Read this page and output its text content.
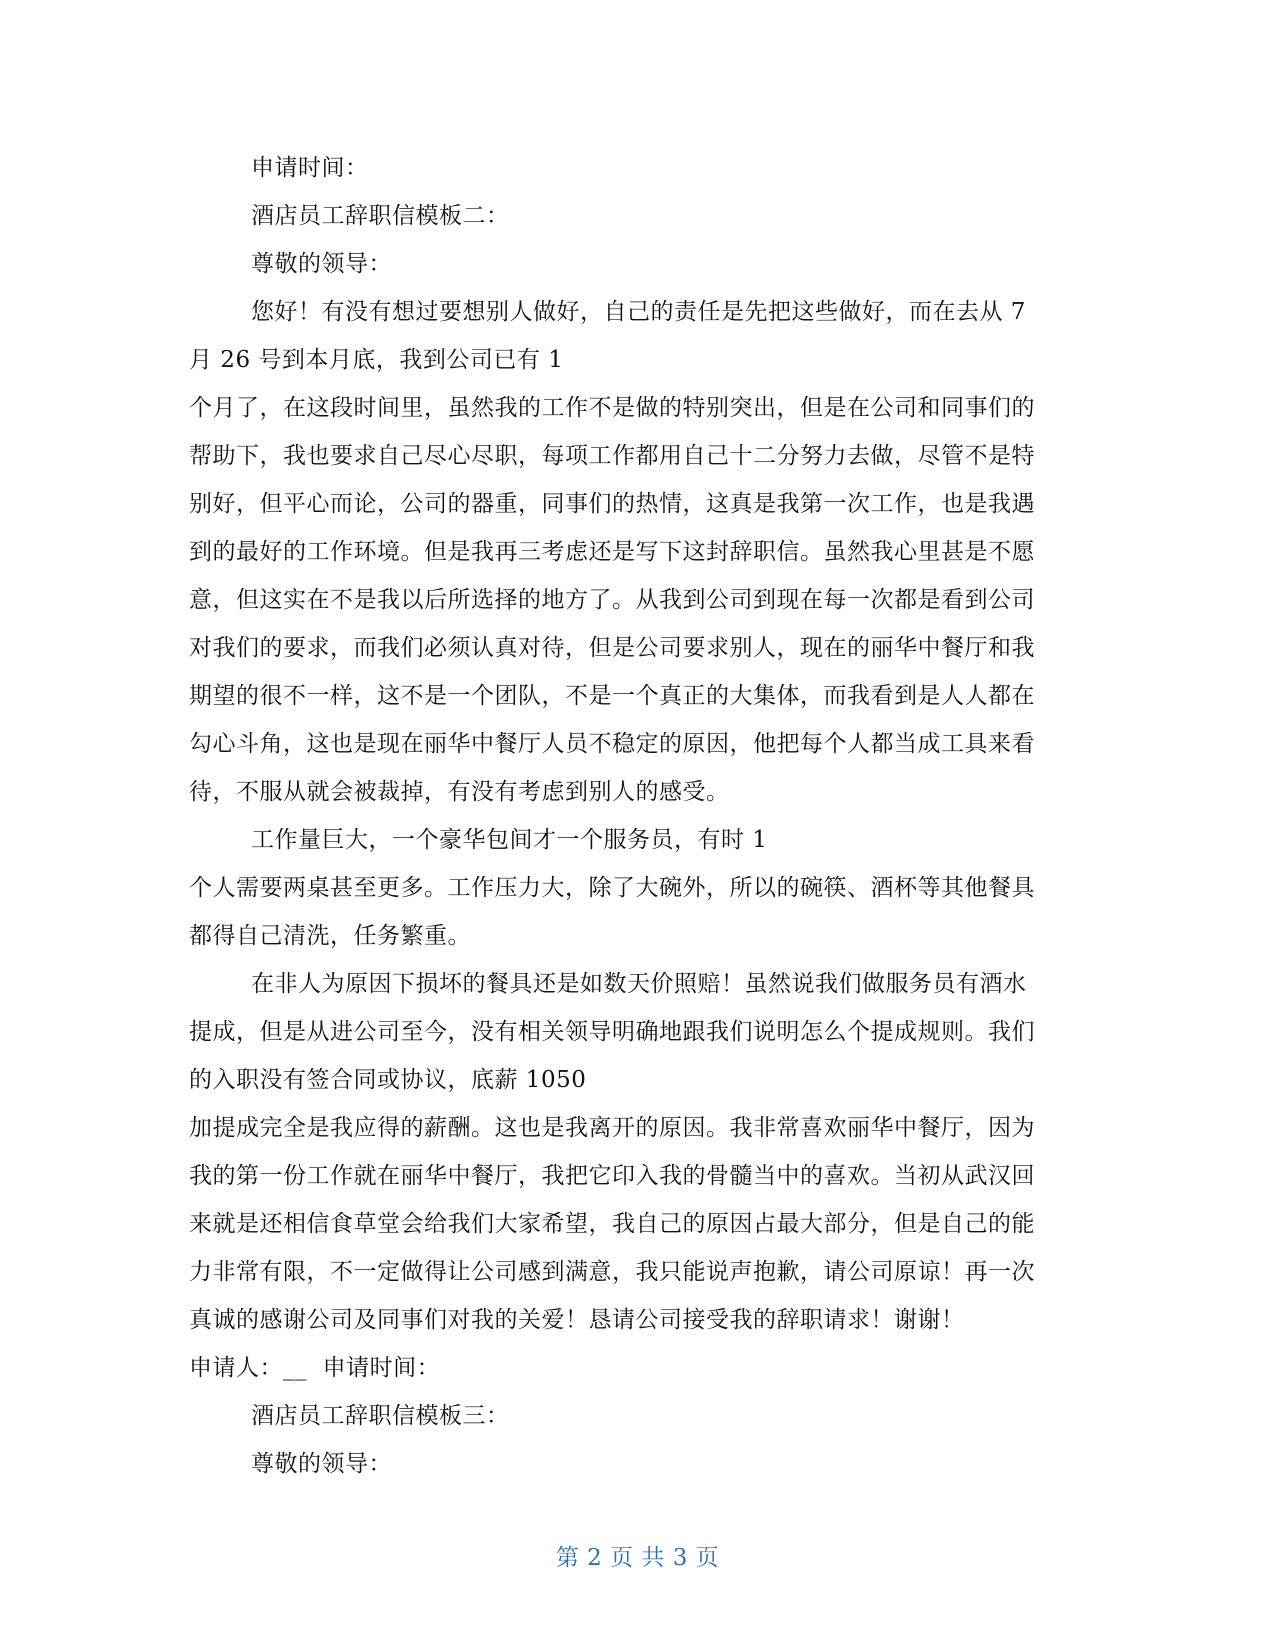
申请时间：
酒店员工辞职信模板二：
尊敬的领导：
您好！有没有想过要想别人做好，自己的责任是先把这些做好，而在去从 7
月 26 号到本月底，我到公司已有 1
个月了，在这段时间里，虽然我的工作不是做的特别突出，但是在公司和同事们的
帮助下，我也要求自己尽心尽职，每项工作都用自己十二分努力去做，尽管不是特
别好，但平心而论，公司的器重，同事们的热情，这真是我第一次工作，也是我遇
到的最好的工作环境。但是我再三考虑还是写下这封辞职信。虽然我心里甚是不愿
意，但这实在不是我以后所选择的地方了。从我到公司到现在每一次都是看到公司
对我们的要求，而我们必须认真对待，但是公司要求别人，现在的丽华中餐厅和我
期望的很不一样，这不是一个团队，不是一个真正的大集体，而我看到是人人都在
勾心斗角，这也是现在丽华中餐厅人员不稳定的原因，他把每个人都当成工具来看
待，不服从就会被裁掉，有没有考虑到别人的感受。
工作量巨大，一个豪华包间才一个服务员，有时 1
个人需要两桌甚至更多。工作压力大，除了大碗外，所以的碗筷、酒杯等其他餐具
都得自己清洗，任务繁重。
在非人为原因下损坏的餐具还是如数天价照赔！虽然说我们做服务员有酒水
提成，但是从进公司至今，没有相关领导明确地跟我们说明怎么个提成规则。我们
的入职没有签合同或协议，底薪 1050
加提成完全是我应得的薪酬。这也是我离开的原因。我非常喜欢丽华中餐厅，因为
我的第一份工作就在丽华中餐厅，我把它印入我的骨髓当中的喜欢。当初从武汉回
来就是还相信食草堂会给我们大家希望，我自己的原因占最大部分，但是自己的能
力非常有限，不一定做得让公司感到满意，我只能说声抱歉，请公司原谅！再一次
真诚的感谢公司及同事们对我的关爱！恳请公司接受我的辞职请求！谢谢！
申请人：__  申请时间：
酒店员工辞职信模板三：
尊敬的领导：
第 2 页 共 3 页
